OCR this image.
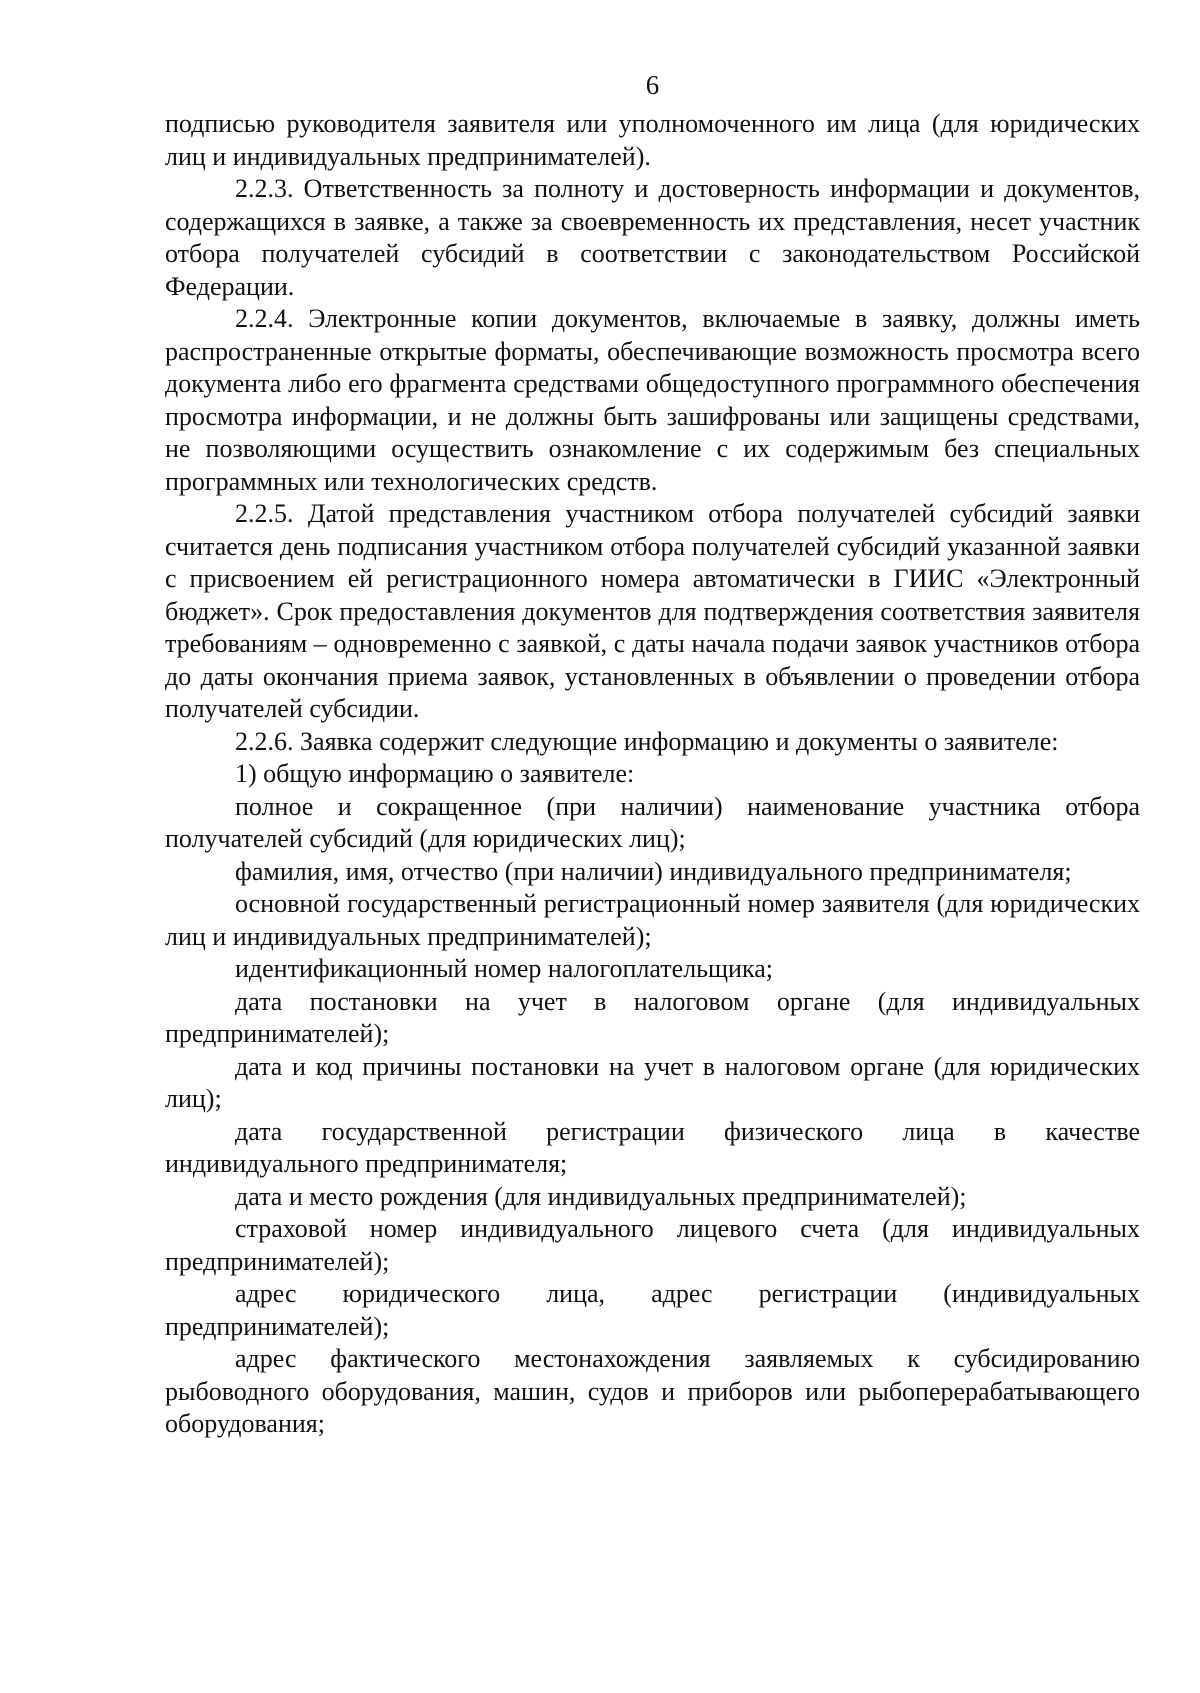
6

подписью руководителя заявителя или уполномоченного им лица (для юридических лиц и индивидуальных предпринимателей).

2.2.3. Ответственность за полноту и достоверность информации и документов, содержащихся в заявке, а также за своевременность их представления, несет участник отбора получателей субсидий в соответствии с законодательством Российской Федерации.

2.2.4. Электронные копии документов, включаемые в заявку, должны иметь распространенные открытые форматы, обеспечивающие возможность просмотра всего документа либо его фрагмента средствами общедоступного программного обеспечения просмотра информации, и не должны быть зашифрованы или защищены средствами, не позволяющими осуществить ознакомление с их содержимым без специальных программных или технологических средств.

2.2.5. Датой представления участником отбора получателей субсидий заявки считается день подписания участником отбора получателей субсидий указанной заявки с присвоением ей регистрационного номера автоматически в ГИИС «Электронный бюджет». Срок предоставления документов для подтверждения соответствия заявителя требованиям – одновременно с заявкой, с даты начала подачи заявок участников отбора до даты окончания приема заявок, установленных в объявлении о проведении отбора получателей субсидии.

2.2.6. Заявка содержит следующие информацию и документы о заявителе:

1) общую информацию о заявителе:

полное и сокращенное (при наличии) наименование участника отбора получателей субсидий (для юридических лиц);

фамилия, имя, отчество (при наличии) индивидуального предпринимателя;

основной государственный регистрационный номер заявителя (для юридических лиц и индивидуальных предпринимателей);

идентификационный номер налогоплательщика;

дата постановки на учет в налоговом органе (для индивидуальных предпринимателей);

дата и код причины постановки на учет в налоговом органе (для юридических лиц);

дата государственной регистрации физического лица в качестве индивидуального предпринимателя;

дата и место рождения (для индивидуальных предпринимателей);

страховой номер индивидуального лицевого счета (для индивидуальных предпринимателей);

адрес юридического лица, адрес регистрации (индивидуальных предпринимателей);

адрес фактического местонахождения заявляемых к субсидированию рыбоводного оборудования, машин, судов и приборов или рыбоперерабатывающего оборудования;
